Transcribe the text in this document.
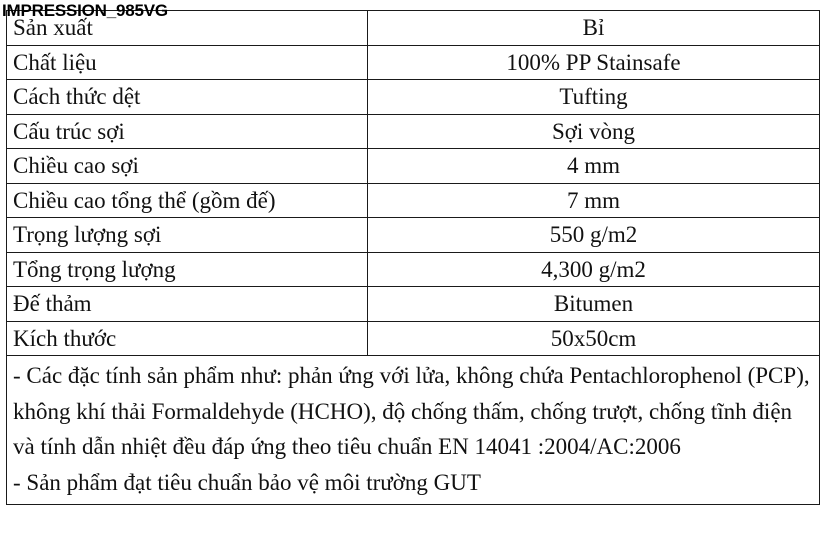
IMPRESSION_985VG
Sản xuất	Bỉ
Chất liệu	100% PP Stainsafe
Cách thức dệt	Tufting
Cấu trúc sợi	Sợi vòng
Chiều cao sợi	4 mm
Chiều cao tổng thể (gồm đế)	7 mm
Trọng lượng sợi	550 g/m2
Tổng trọng lượng	4,300 g/m2
Đế thảm	Bitumen
Kích thước	50x50cm

- Các đặc tính sản phẩm như: phản ứng với lửa, không chứa Pentachlorophenol (PCP), không khí thải Formaldehyde (HCHO), độ chống thấm, chống trượt, chống tĩnh điện và tính dẫn nhiệt đều đáp ứng theo tiêu chuẩn EN 14041 :2004/AC:2006

- Sản phẩm đạt tiêu chuẩn bảo vệ môi trường GUT	
